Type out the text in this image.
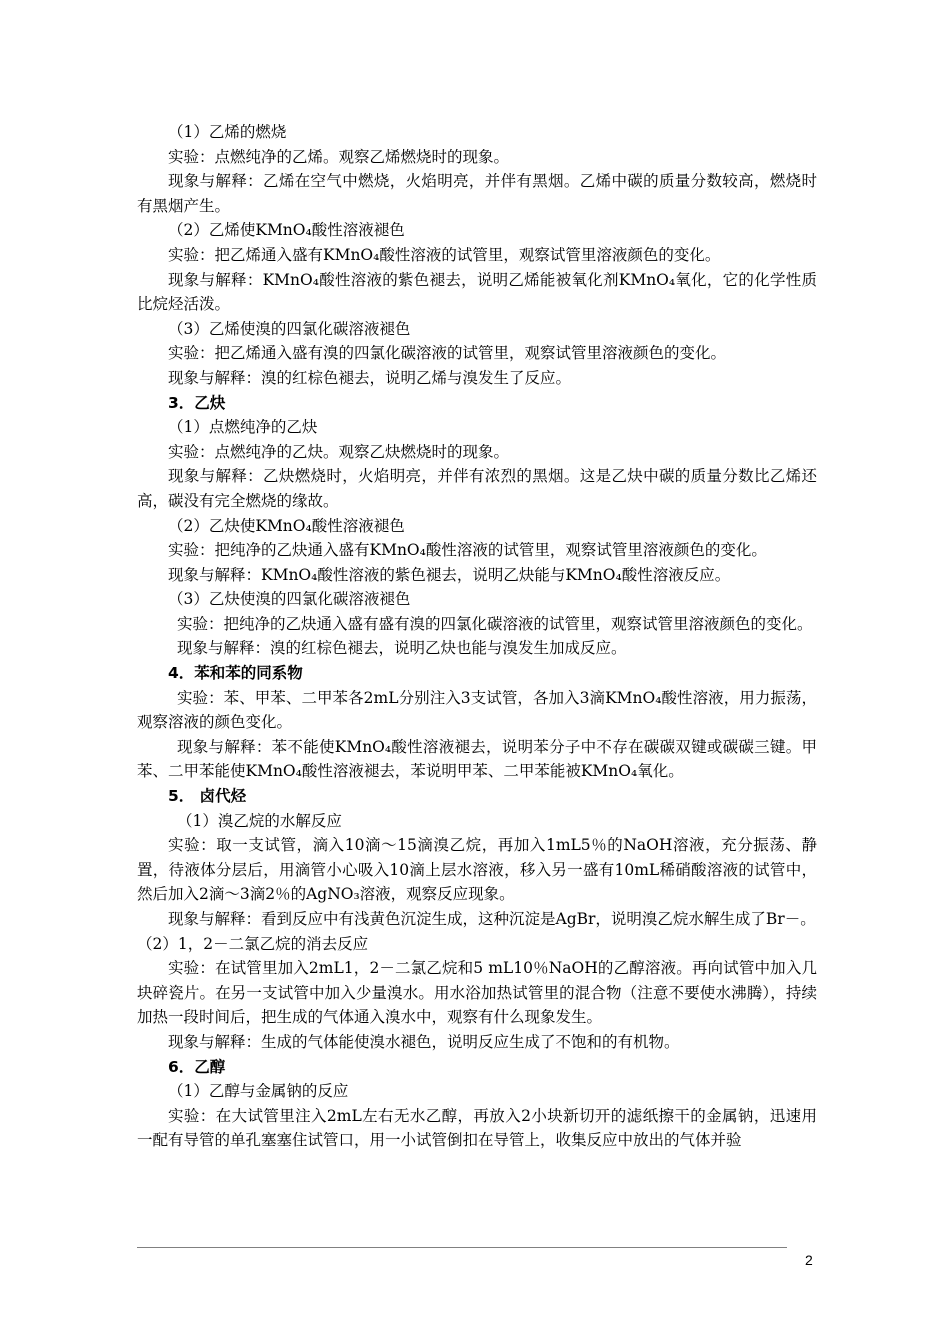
（1）乙烯的燃烧

实验：点燃纯净的乙烯。观察乙烯燃烧时的现象。

现象与解释：乙烯在空气中燃烧，火焰明亮，并伴有黑烟。乙烯中碳的质量分数较高，燃烧时有黑烟产生。

（2）乙烯使KMnO₄酸性溶液褪色

实验：把乙烯通入盛有KMnO₄酸性溶液的试管里，观察试管里溶液颜色的变化。

现象与解释：KMnO₄酸性溶液的紫色褪去，说明乙烯能被氧化剂KMnO₄氧化，它的化学性质比烷烃活泼。

（3）乙烯使溴的四氯化碳溶液褪色

实验：把乙烯通入盛有溴的四氯化碳溶液的试管里，观察试管里溶液颜色的变化。

现象与解释：溴的红棕色褪去，说明乙烯与溴发生了反应。

3．乙炔

（1）点燃纯净的乙炔

实验：点燃纯净的乙炔。观察乙炔燃烧时的现象。

现象与解释：乙炔燃烧时，火焰明亮，并伴有浓烈的黑烟。这是乙炔中碳的质量分数比乙烯还高，碳没有完全燃烧的缘故。

（2）乙炔使KMnO₄酸性溶液褪色

实验：把纯净的乙炔通入盛有KMnO₄酸性溶液的试管里，观察试管里溶液颜色的变化。

现象与解释：KMnO₄酸性溶液的紫色褪去，说明乙炔能与KMnO₄酸性溶液反应。

（3）乙炔使溴的四氯化碳溶液褪色

实验：把纯净的乙炔通入盛有盛有溴的四氯化碳溶液的试管里，观察试管里溶液颜色的变化。

现象与解释：溴的红棕色褪去，说明乙炔也能与溴发生加成反应。

4．苯和苯的同系物

实验：苯、甲苯、二甲苯各2mL分别注入3支试管，各加入3滴KMnO₄酸性溶液，用力振荡，观察溶液的颜色变化。

现象与解释：苯不能使KMnO₄酸性溶液褪去，说明苯分子中不存在碳碳双键或碳碳三键。甲苯、二甲苯能使KMnO₄酸性溶液褪去，苯说明甲苯、二甲苯能被KMnO₄氧化。

5． 卤代烃

（1）溴乙烷的水解反应

实验：取一支试管，滴入10滴～15滴溴乙烷，再加入1mL5％的NaOH溶液，充分振荡、静置，待液体分层后，用滴管小心吸入10滴上层水溶液，移入另一盛有10mL稀硝酸溶液的试管中，然后加入2滴～3滴2％的AgNO₃溶液，观察反应现象。

现象与解释：看到反应中有浅黄色沉淀生成，这种沉淀是AgBr，说明溴乙烷水解生成了Br－。

（2）1，2－二氯乙烷的消去反应

实验：在试管里加入2mL1，2－二氯乙烷和5 mL10％NaOH的乙醇溶液。再向试管中加入几块碎瓷片。在另一支试管中加入少量溴水。用水浴加热试管里的混合物（注意不要使水沸腾），持续加热一段时间后，把生成的气体通入溴水中，观察有什么现象发生。

现象与解释：生成的气体能使溴水褪色，说明反应生成了不饱和的有机物。

6．乙醇

（1）乙醇与金属钠的反应

实验：在大试管里注入2mL左右无水乙醇，再放入2小块新切开的滤纸擦干的金属钠，迅速用一配有导管的单孔塞塞住试管口，用一小试管倒扣在导管上，收集反应中放出的气体并验

2
